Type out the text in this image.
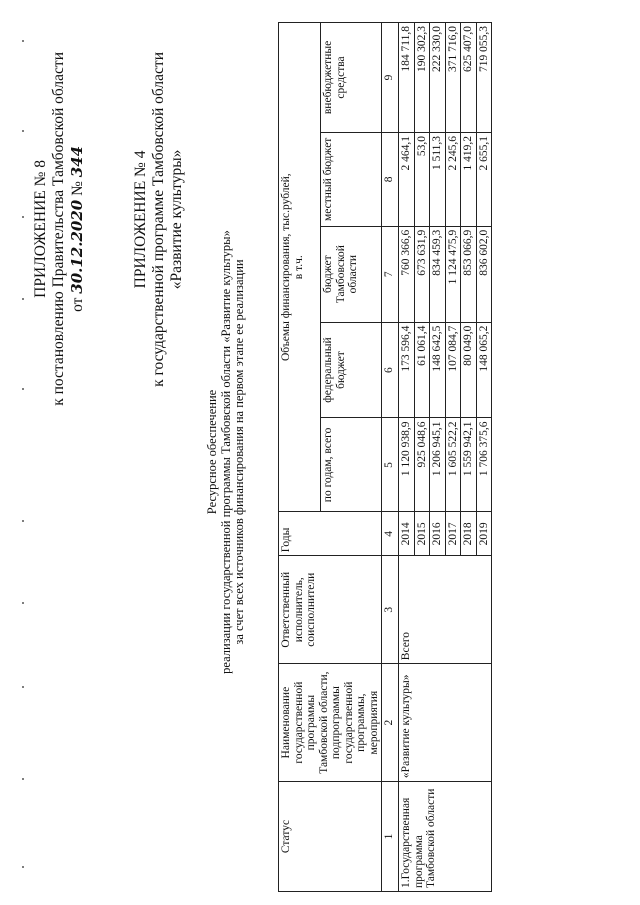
ПРИЛОЖЕНИЕ № 8 к постановлению Правительства Тамбовской области от 30.12.2020 № 344	ПРИЛОЖЕНИЕ № 4 к государственной программе Тамбовской области «Развитие культуры»
Ресурсное обеспечение реализации государственной программы Тамбовской области «Развитие культуры» за счет всех источников финансирования на первом этапе ее реализации
Статус	Наименование государственной программы Тамбовской области, подпрограммы государственной программы, мероприятия	Ответственный исполнитель, соисполнители	Годы	Объемы финансирования, тыс.рублей,
в т.ч.				
				по годам, всего	федеральный бюджет	бюджет Тамбовской области	местный бюджет	внебюджетные средства
1	2	3	4	5	6	7	8	9
1.Государственная программа Тамбовской области	«Развитие культуры»	Всего	2014	1 120 938,9	173 596,4	760 366,6	2 464,1	184 711,8
			2015	925 048,6	61 061,4	673 631,9	53,0	190 302,3
			2016	1 206 945,1	148 642,5	834 459,3	1 511,3	222 330,0
			2017	1 605 522,2	107 084,7	1 124 475,9	2 245,6	371 716,0
			2018	1 559 942,1	80 049,0	853 066,9	1 419,2	625 407,0
			2019	1 706 375,6	148 065,2	836 602,0	2 655,1	719 055,3
